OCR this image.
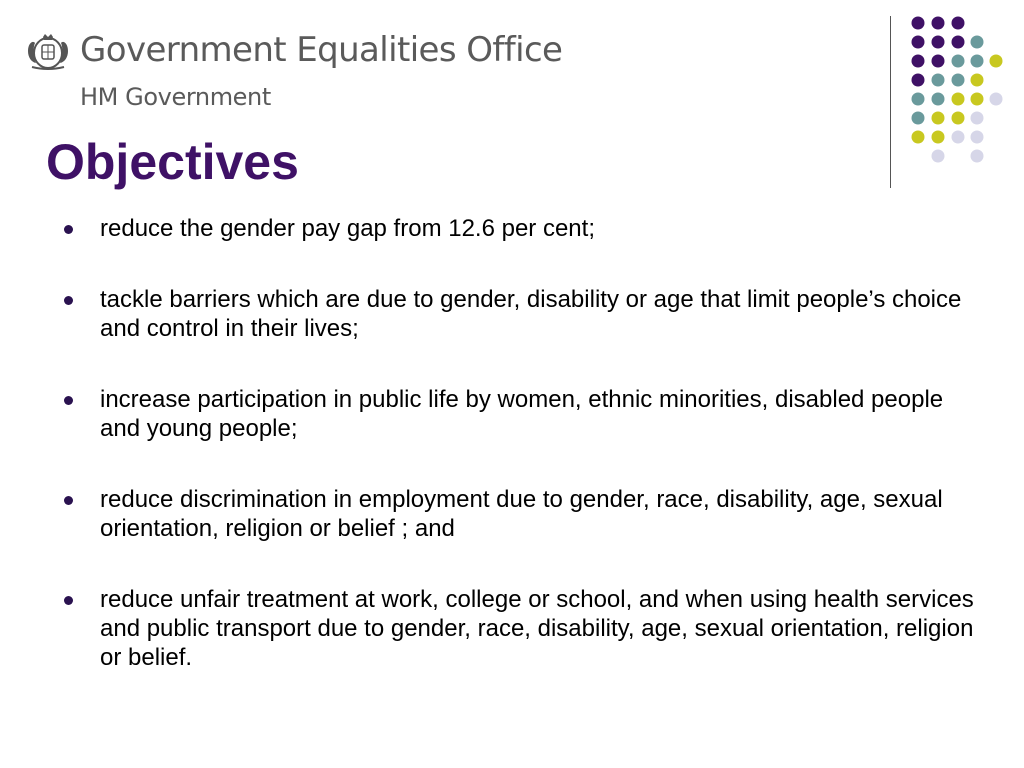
Government Equalities Office
HM Government
Objectives
reduce the gender pay gap from 12.6 per cent;
tackle barriers which are due to gender, disability or age that limit people’s choice and control in their lives;
increase participation in public life by women, ethnic minorities, disabled people and young people;
reduce discrimination in employment due to gender, race, disability, age, sexual orientation, religion or belief ; and
reduce unfair treatment at work, college or school, and when using health services and public transport due to gender, race, disability, age, sexual orientation, religion or belief.
